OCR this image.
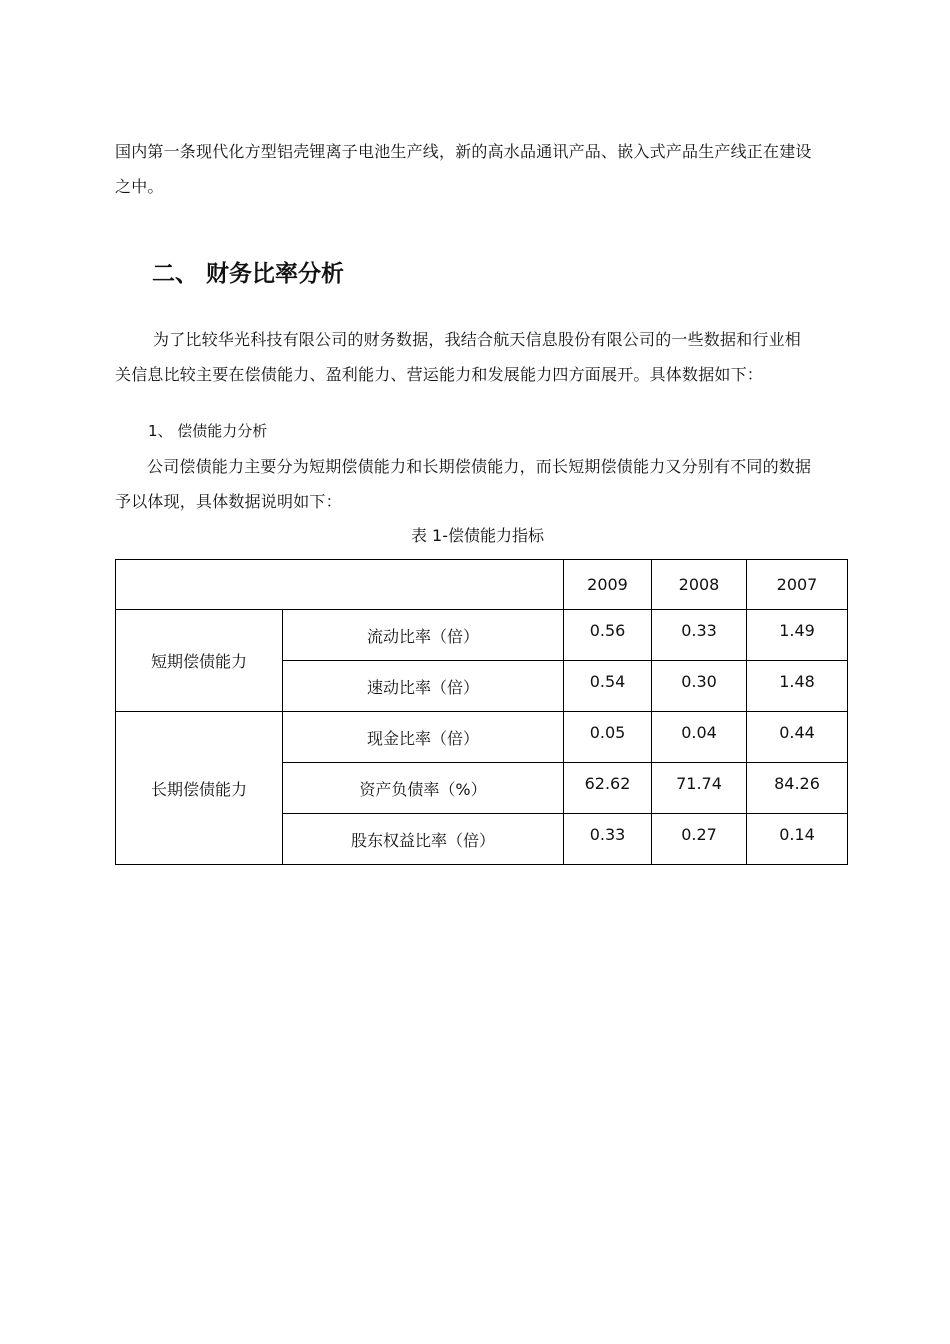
国内第一条现代化方型铝壳锂离子电池生产线，新的高水品通讯产品、嵌入式产品生产线正在建设
之中。
二、 财务比率分析
为了比较华光科技有限公司的财务数据，我结合航天信息股份有限公司的一些数据和行业相
关信息比较主要在偿债能力、盈利能力、营运能力和发展能力四方面展开。具体数据如下：
1、 偿债能力分析
公司偿债能力主要分为短期偿债能力和长期偿债能力，而长短期偿债能力又分别有不同的数据
予以体现，具体数据说明如下：
表 1-偿债能力指标
		2009	2008	2007
短期偿债能力	流动比率（倍）	0.56	0.33	1.49
	速动比率（倍）	0.54	0.30	1.48
长期偿债能力	现金比率（倍）	0.05	0.04	0.44
	资产负债率（%）	62.62	71.74	84.26
	股东权益比率（倍）	0.33	0.27	0.14
